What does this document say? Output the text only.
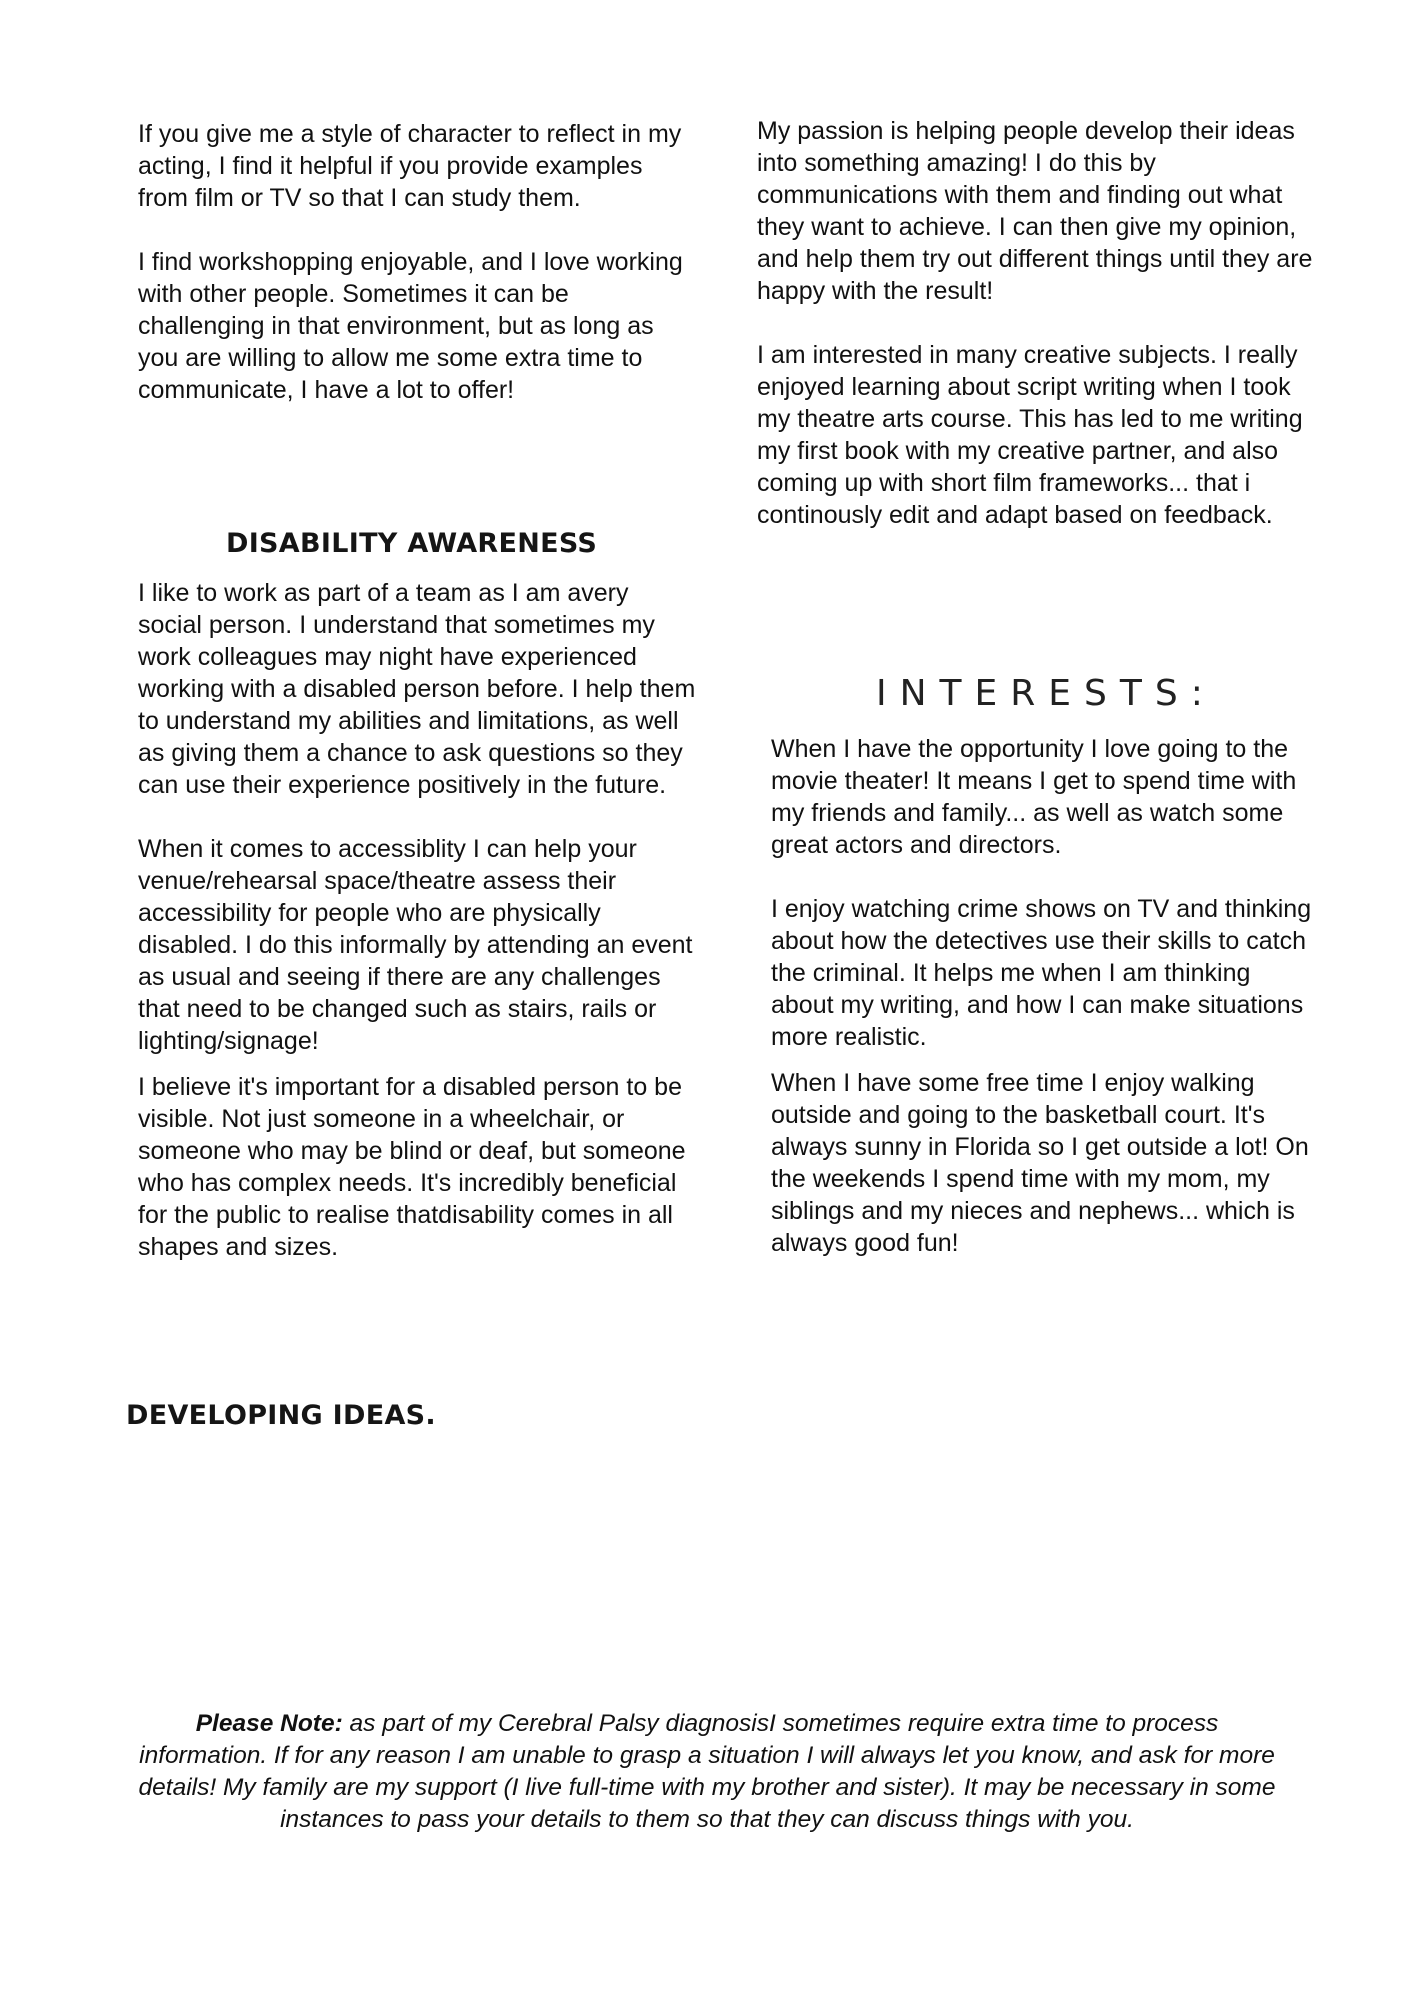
If you give me a style of character to reflect in my acting, I find it helpful if you provide examples from film or TV so that I can study them.

I find workshopping enjoyable, and I love working with other people. Sometimes it can be challenging in that environment, but as long as you are willing to allow me some extra time to communicate, I have a lot to offer!

DISABILITY AWARENESS

I like to work as part of a team as I am avery social person. I understand that sometimes my work colleagues may night have experienced working with a disabled person before. I help them to understand my abilities and limitations, as well as giving them a chance to ask questions so they can use their experience positively in the future.

When it comes to accessiblity I can help your venue/rehearsal space/theatre assess their accessibility for people who are physically disabled. I do this informally by attending an event as usual and seeing if there are any challenges that need to be changed such as stairs, rails or lighting/signage!

I believe it's important for a disabled person to be visible. Not just someone in a wheelchair, or someone who may be blind or deaf, but someone who has complex needs. It's incredibly beneficial for the public to realise thatdisability comes in all shapes and sizes.

DEVELOPING IDEAS.

My passion is helping people develop their ideas into something amazing! I do this by communications with them and finding out what they want to achieve. I can then give my opinion, and help them try out different things until they are happy with the result!

I am interested in many creative subjects. I really enjoyed learning about script writing when I took my theatre arts course. This has led to me writing my first book with my creative partner, and also coming up with short film frameworks... that i continously edit and adapt based on feedback.

INTERESTS:

When I have the opportunity I love going to the movie theater! It means I get to spend time with my friends and family... as well as watch some great actors and directors.

I enjoy watching crime shows on TV and thinking about how the detectives use their skills to catch the criminal. It helps me when I am thinking about my writing, and how I can make situations more realistic.

When I have some free time I enjoy walking outside and going to the basketball court. It's always sunny in Florida so I get outside a lot! On the weekends I spend time with my mom, my siblings and my nieces and nephews... which is always good fun!

Please Note: as part of my Cerebral Palsy diagnosisI sometimes require extra time to process information. If for any reason I am unable to grasp a situation I will always let you know, and ask for more details! My family are my support (I live full-time with my brother and sister). It may be necessary in some instances to pass your details to them so that they can discuss things with you.
